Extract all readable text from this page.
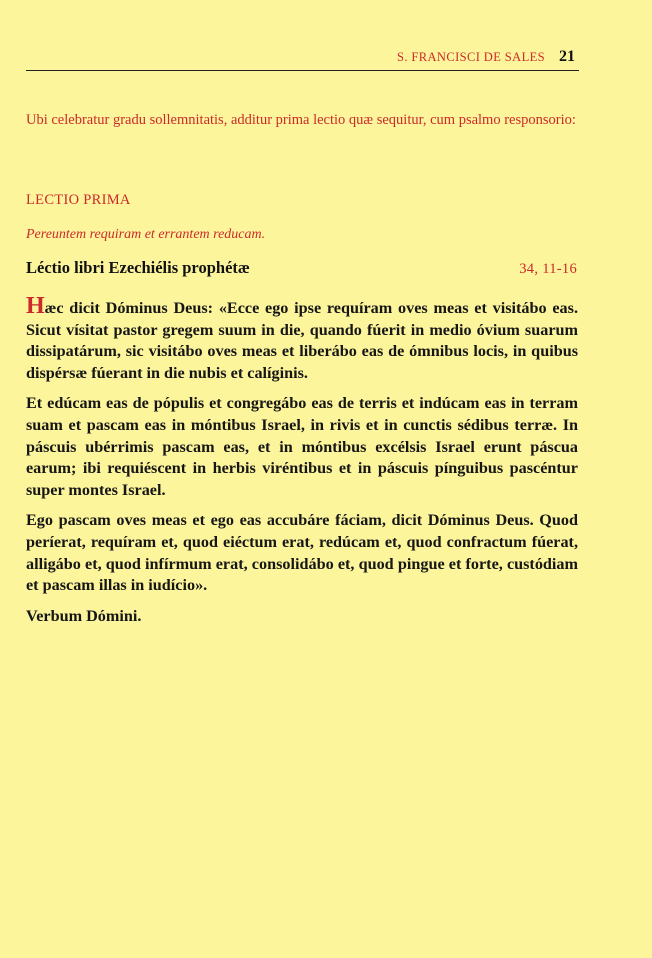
S. FRANCISCI DE SALES 21
Ubi celebratur gradu sollemnitatis, additur prima lectio quæ sequitur, cum psalmo responsorio:
LECTIO PRIMA
Pereuntem requiram et errantem reducam.
Léctio libri Ezechiélis prophétæ	34, 11-16

Hæc dicit Dóminus Deus: «Ecce ego ipse requíram oves meas et visitábo eas. Sicut vísitat pastor gregem suum in die, quando fúerit in medio óvium suarum dissipatárum, sic visitábo oves meas et liberábo eas de ómnibus locis, in quibus dispérsæ fúerant in die nubis et calíginis.

Et edúcam eas de pópulis et congregábo eas de terris et indúcam eas in terram suam et pascam eas in móntibus Israel, in rivis et in cunctis sédibus terræ. In páscuis ubérrimis pascam eas, et in móntibus excélsis Israel erunt páscua earum; ibi requiéscent in herbis viréntibus et in páscuis pínguibus pascéntur super montes Israel.

Ego pascam oves meas et ego eas accubáre fáciam, dicit Dóminus Deus. Quod períerat, requíram et, quod eiéctum erat, redúcam et, quod confractum fúerat, alligábo et, quod infírmum erat, consolidábo et, quod pingue et forte, custódiam et pascam illas in iudício».

Verbum Dómini.
